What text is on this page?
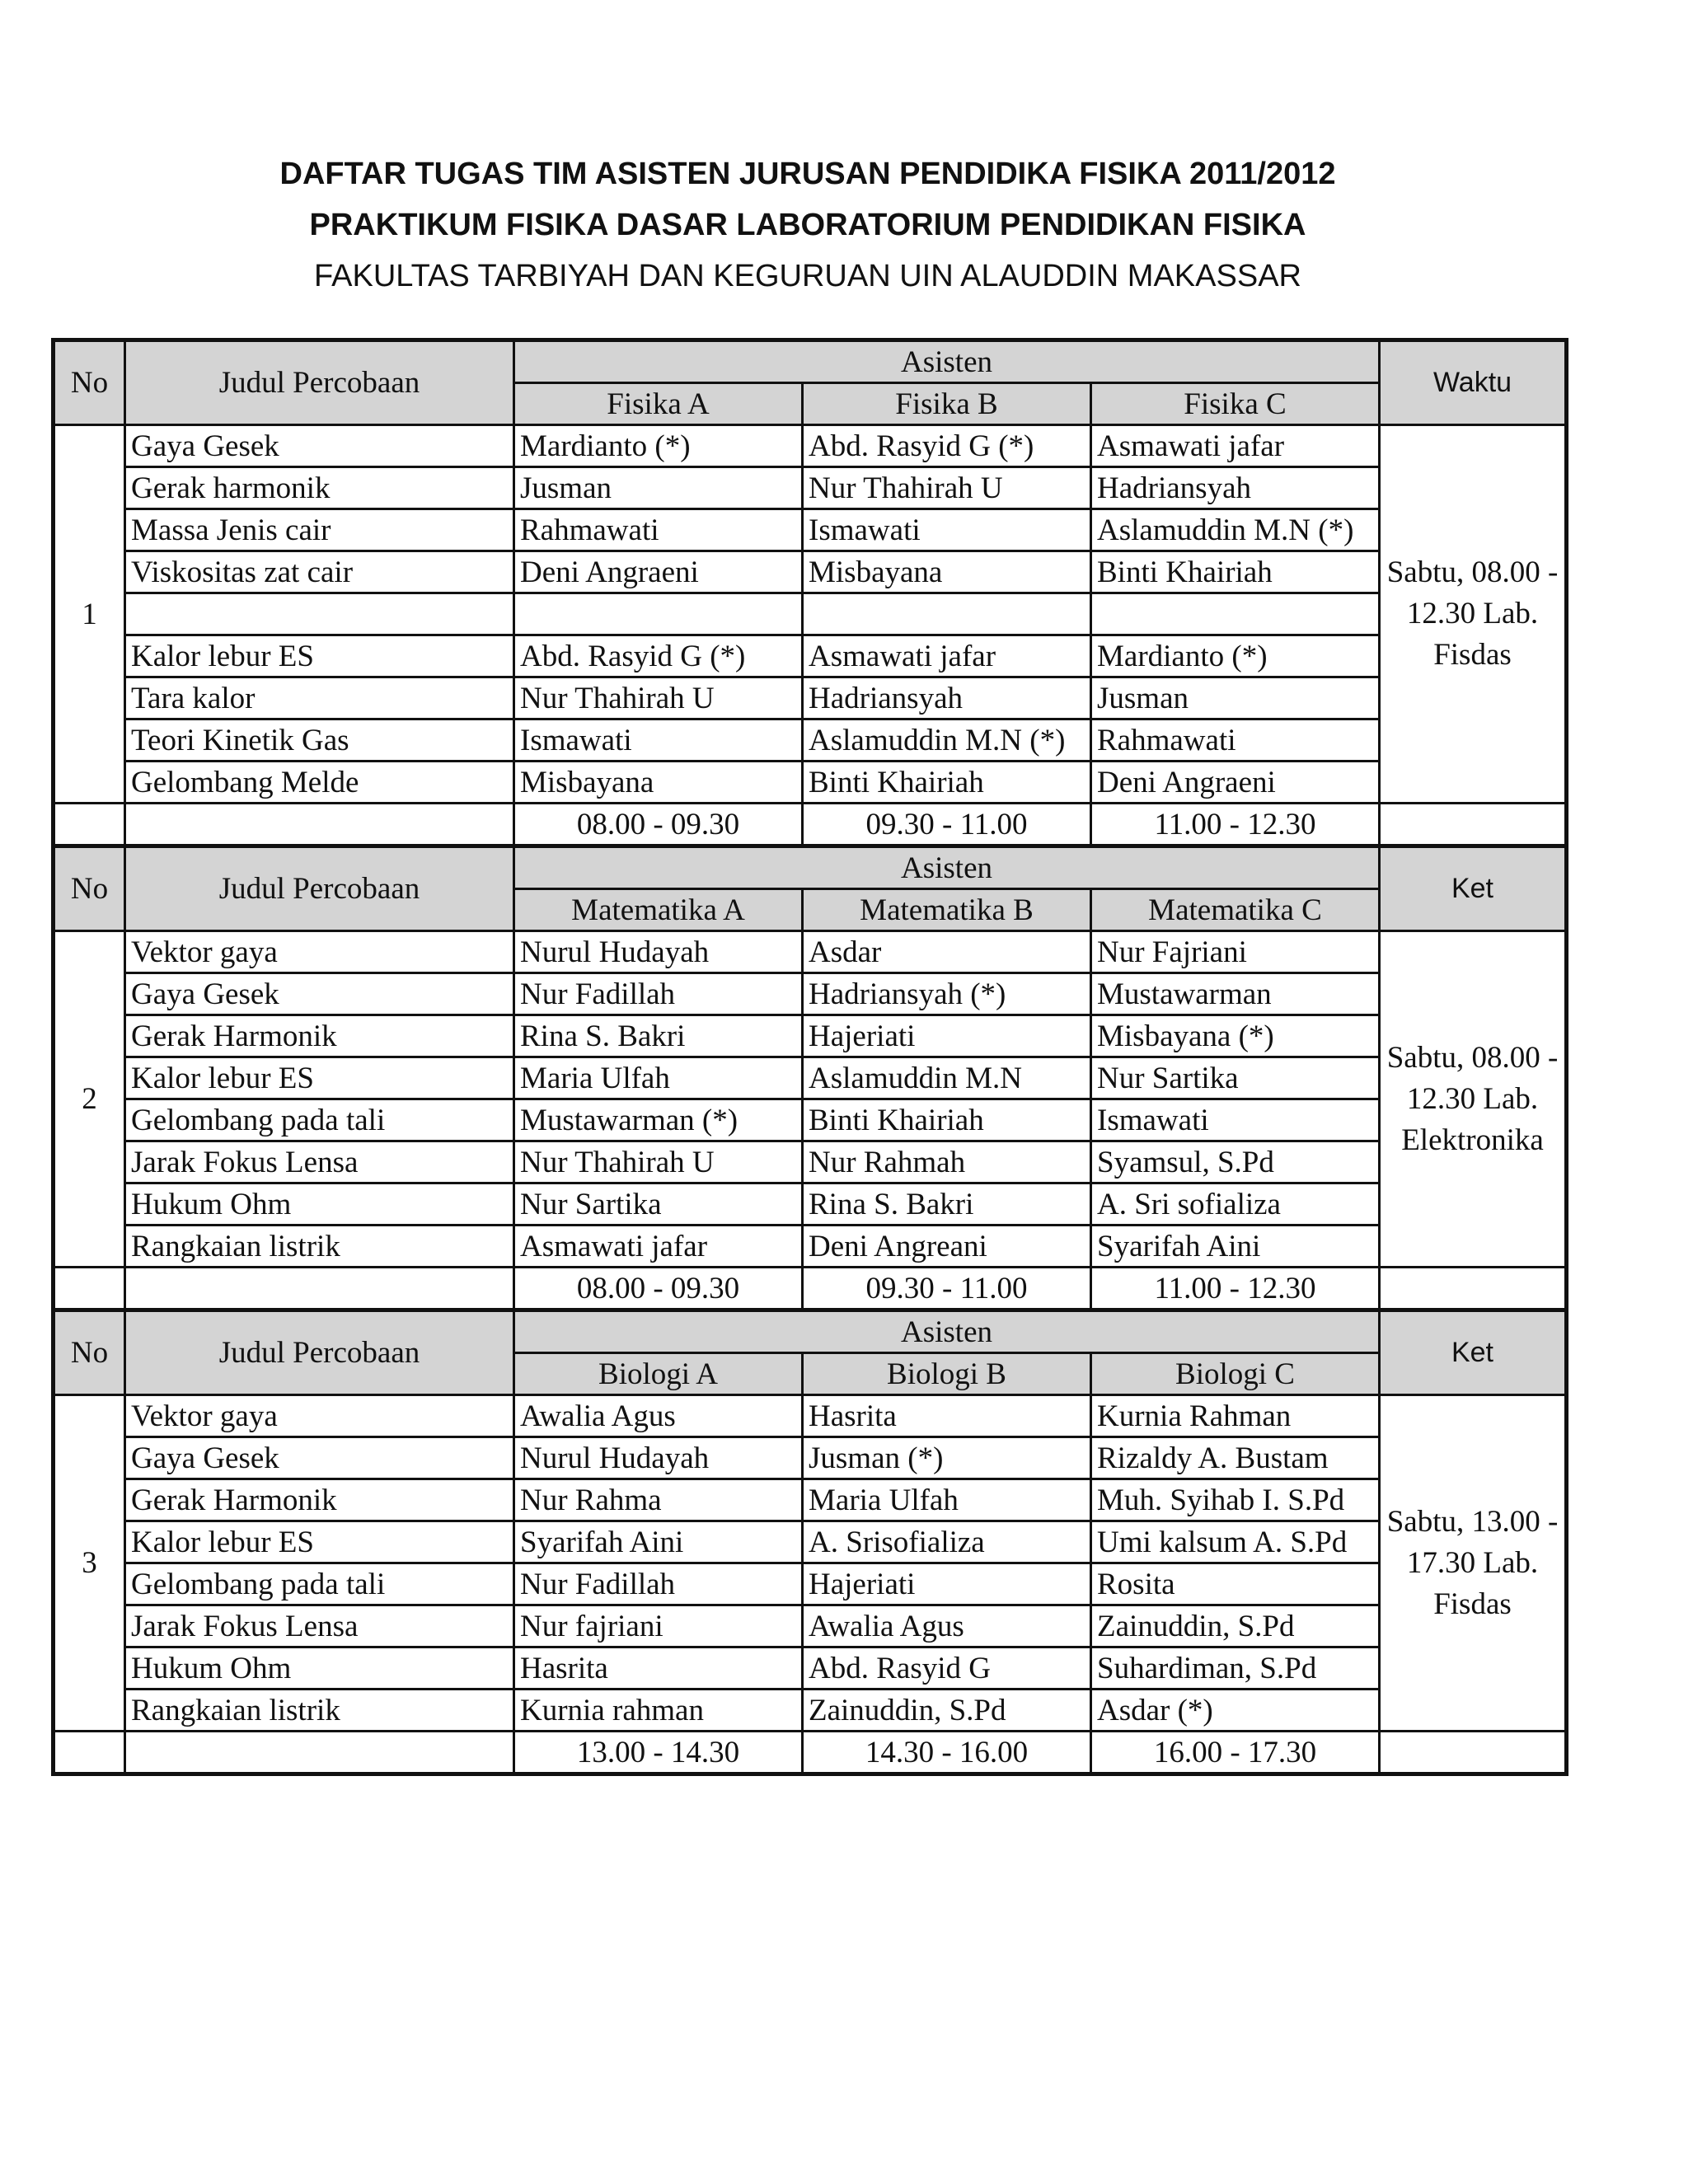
DAFTAR TUGAS TIM ASISTEN JURUSAN PENDIDIKA FISIKA 2011/2012
PRAKTIKUM FISIKA DASAR LABORATORIUM PENDIDIKAN FISIKA
FAKULTAS TARBIYAH DAN KEGURUAN UIN ALAUDDIN MAKASSAR
No	Judul Percobaan	Asisten			Waktu
		Fisika A	Fisika B	Fisika C	
1	Gaya Gesek	Mardianto (*)	Abd. Rasyid G (*)	Asmawati jafar	Sabtu, 08.00 - 12.30 Lab. Fisdas
	Gerak harmonik	Jusman	Nur Thahirah U	Hadriansyah	
	Massa Jenis cair	Rahmawati	Ismawati	Aslamuddin M.N (*)	
	Viskositas zat cair	Deni Angraeni	Misbayana	Binti Khairiah	

	Kalor lebur ES	Abd. Rasyid G (*)	Asmawati jafar	Mardianto (*)	
	Tara kalor	Nur Thahirah U	Hadriansyah	Jusman	
	Teori Kinetik Gas	Ismawati	Aslamuddin M.N (*)	Rahmawati	
	Gelombang Melde	Misbayana	Binti Khairiah	Deni Angraeni	
		08.00 - 09.30	09.30 - 11.00	11.00 - 12.30	
No	Judul Percobaan	Asisten			Ket
		Matematika A	Matematika B	Matematika C	
2	Vektor gaya	Nurul Hudayah	Asdar	Nur Fajriani	Sabtu, 08.00 - 12.30 Lab. Elektronika
	Gaya Gesek	Nur Fadillah	Hadriansyah (*)	Mustawarman	
	Gerak Harmonik	Rina S. Bakri	Hajeriati	Misbayana (*)	
	Kalor lebur ES	Maria Ulfah	Aslamuddin M.N	Nur Sartika	
	Gelombang pada tali	Mustawarman (*)	Binti Khairiah	Ismawati	
	Jarak Fokus Lensa	Nur Thahirah U	Nur Rahmah	Syamsul, S.Pd	
	Hukum Ohm	Nur Sartika	Rina S. Bakri	A. Sri sofializa	
	Rangkaian listrik	Asmawati jafar	Deni Angreani	Syarifah Aini	
		08.00 - 09.30	09.30 - 11.00	11.00 - 12.30	
No	Judul Percobaan	Asisten			Ket
		Biologi A	Biologi B	Biologi C	
3	Vektor gaya	Awalia Agus	Hasrita	Kurnia Rahman	Sabtu, 13.00 - 17.30 Lab. Fisdas
	Gaya Gesek	Nurul Hudayah	Jusman (*)	Rizaldy A. Bustam	
	Gerak Harmonik	Nur Rahma	Maria Ulfah	Muh. Syihab I. S.Pd	
	Kalor lebur ES	Syarifah Aini	A. Srisofializa	Umi kalsum A. S.Pd	
	Gelombang pada tali	Nur Fadillah	Hajeriati	Rosita	
	Jarak Fokus Lensa	Nur fajriani	Awalia Agus	Zainuddin, S.Pd	
	Hukum Ohm	Hasrita	Abd. Rasyid G	Suhardiman, S.Pd	
	Rangkaian listrik	Kurnia rahman	Zainuddin, S.Pd	Asdar (*)	
		13.00 - 14.30	14.30 - 16.00	16.00 - 17.30	
